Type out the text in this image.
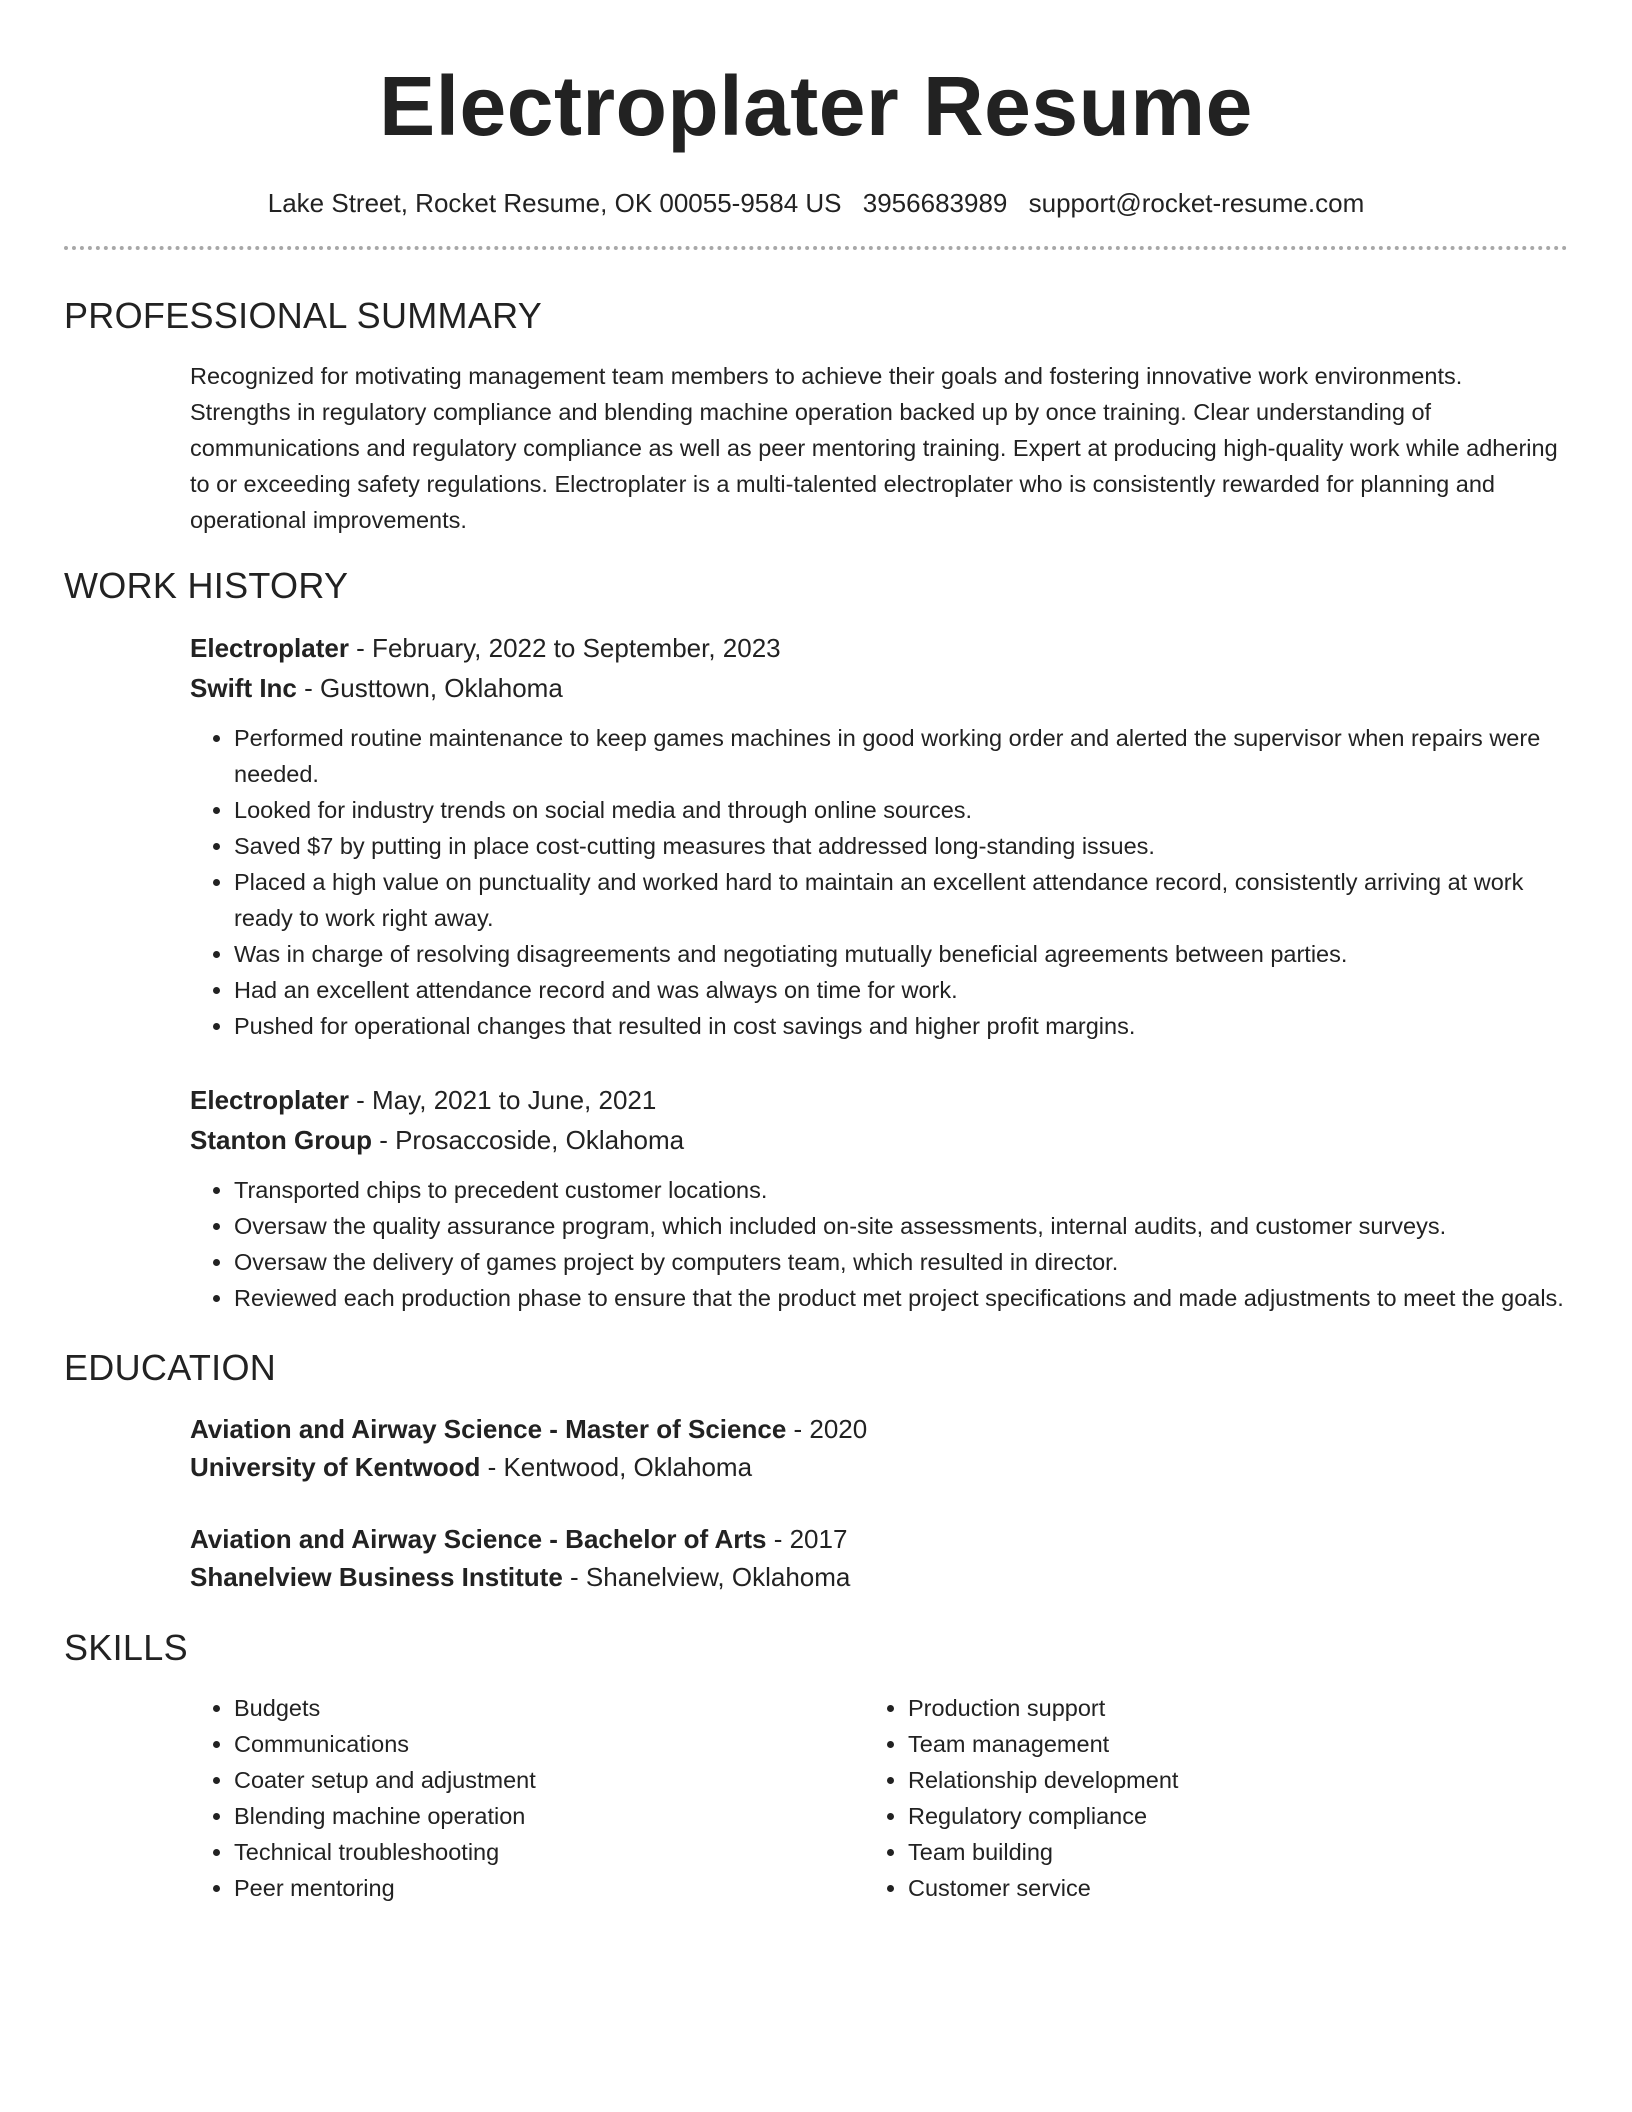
Electroplater Resume
Lake Street, Rocket Resume, OK 00055-9584 US 3956683989 support@rocket-resume.com
PROFESSIONAL SUMMARY
Recognized for motivating management team members to achieve their goals and fostering innovative work environments. Strengths in regulatory compliance and blending machine operation backed up by once training. Clear understanding of communications and regulatory compliance as well as peer mentoring training. Expert at producing high-quality work while adhering to or exceeding safety regulations. Electroplater is a multi-talented electroplater who is consistently rewarded for planning and operational improvements.
WORK HISTORY
Electroplater - February, 2022 to September, 2023
Swift Inc - Gusttown, Oklahoma
• Performed routine maintenance to keep games machines in good working order and alerted the supervisor when repairs were needed.
• Looked for industry trends on social media and through online sources.
• Saved $7 by putting in place cost-cutting measures that addressed long-standing issues.
• Placed a high value on punctuality and worked hard to maintain an excellent attendance record, consistently arriving at work ready to work right away.
• Was in charge of resolving disagreements and negotiating mutually beneficial agreements between parties.
• Had an excellent attendance record and was always on time for work.
• Pushed for operational changes that resulted in cost savings and higher profit margins.
Electroplater - May, 2021 to June, 2021
Stanton Group - Prosaccoside, Oklahoma
• Transported chips to precedent customer locations.
• Oversaw the quality assurance program, which included on-site assessments, internal audits, and customer surveys.
• Oversaw the delivery of games project by computers team, which resulted in director.
• Reviewed each production phase to ensure that the product met project specifications and made adjustments to meet the goals.
EDUCATION
Aviation and Airway Science - Master of Science - 2020
University of Kentwood - Kentwood, Oklahoma
Aviation and Airway Science - Bachelor of Arts - 2017
Shanelview Business Institute - Shanelview, Oklahoma
SKILLS
• Budgets
• Communications
• Coater setup and adjustment
• Blending machine operation
• Technical troubleshooting
• Peer mentoring
• Production support
• Team management
• Relationship development
• Regulatory compliance
• Team building
• Customer service
